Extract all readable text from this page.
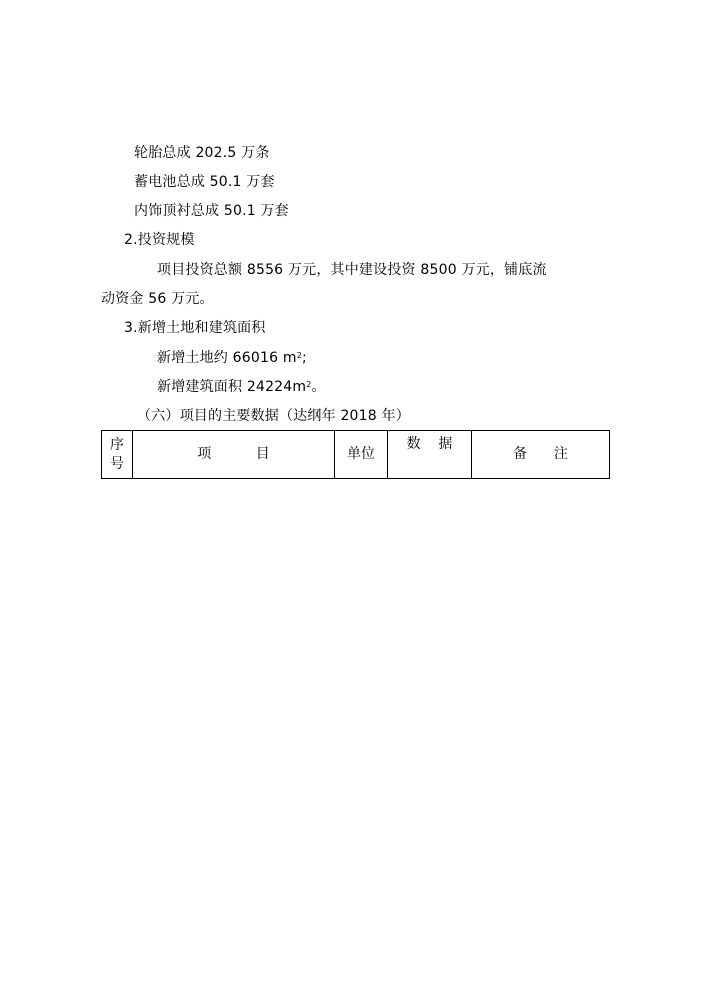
轮胎总成 202.5 万条
蓄电池总成 50.1 万套
内饰顶衬总成 50.1 万套
2.投资规模
项目投资总额 8556 万元，其中建设投资 8500 万元，铺底流
动资金 56 万元。
3.新增土地和建筑面积
新增土地约 66016 $m^2$;
新增建筑面积 $24224m^2$。
（六）项目的主要数据（达纲年 2018 年）
序
号	项          目	单位	数    据	备      注
